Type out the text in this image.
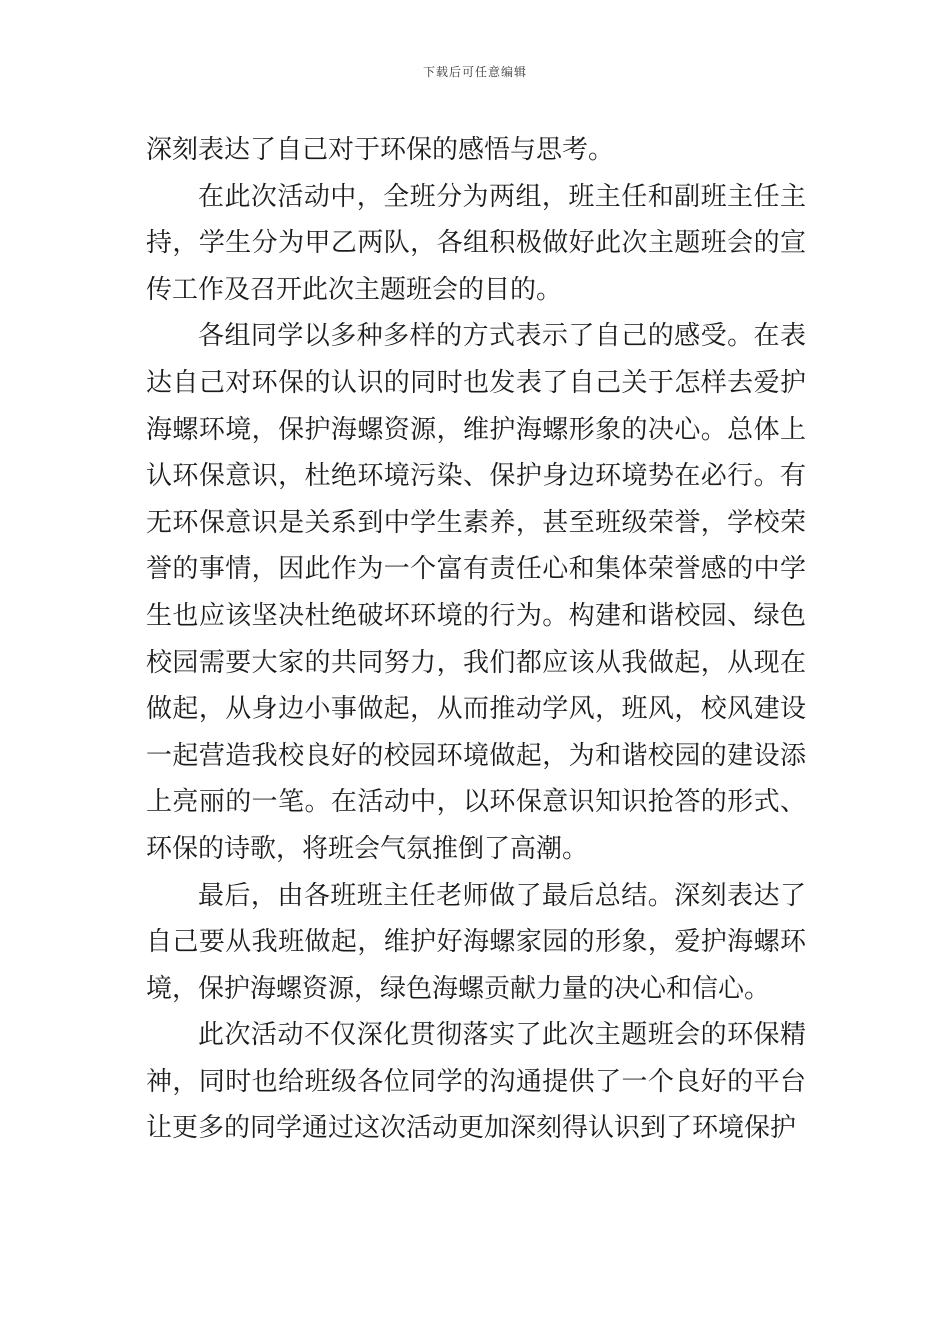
下载后可任意编辑

深刻表达了自己对于环保的感悟与思考。

在此次活动中，全班分为两组，班主任和副班主任主持，学生分为甲乙两队，各组积极做好此次主题班会的宣传工作及召开此次主题班会的目的。

各组同学以多种多样的方式表示了自己的感受。在表达自己对环保的认识的同时也发表了自己关于怎样去爱护海螺环境，保护海螺资源，维护海螺形象的决心。总体上认环保意识，杜绝环境污染、保护身边环境势在必行。有无环保意识是关系到中学生素养，甚至班级荣誉，学校荣誉的事情，因此作为一个富有责任心和集体荣誉感的中学生也应该坚决杜绝破坏环境的行为。构建和谐校园、绿色校园需要大家的共同努力，我们都应该从我做起，从现在做起，从身边小事做起，从而推动学风，班风，校风建设一起营造我校良好的校园环境做起，为和谐校园的建设添上亮丽的一笔。在活动中，以环保意识知识抢答的形式、环保的诗歌，将班会气氛推倒了高潮。

最后，由各班班主任老师做了最后总结。深刻表达了自己要从我班做起，维护好海螺家园的形象，爱护海螺环境，保护海螺资源，绿色海螺贡献力量的决心和信心。

此次活动不仅深化贯彻落实了此次主题班会的环保精神，同时也给班级各位同学的沟通提供了一个良好的平台让更多的同学通过这次活动更加深刻得认识到了环境保护
